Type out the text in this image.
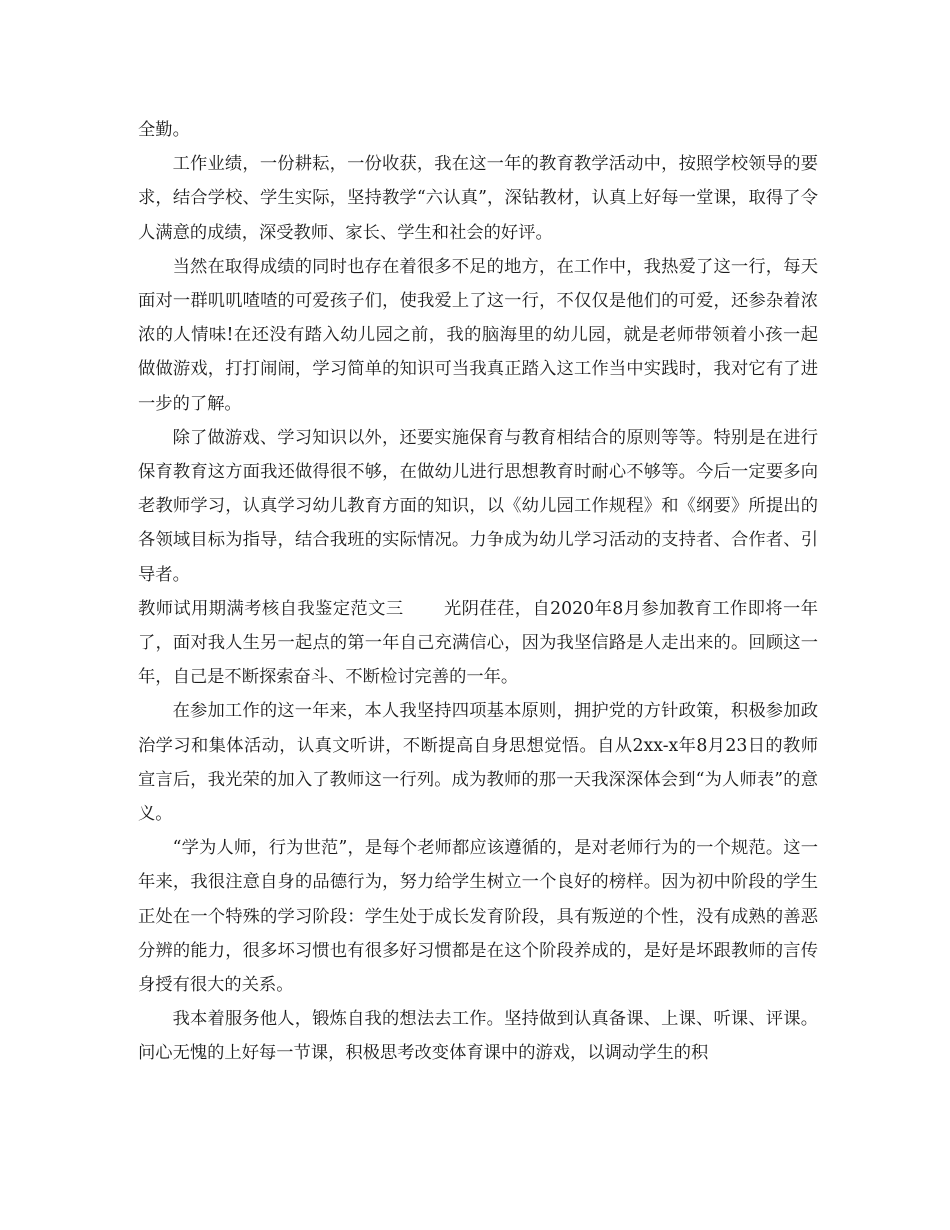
全勤。

工作业绩，一份耕耘，一份收获，我在这一年的教育教学活动中，按照学校领导的要求，结合学校、学生实际，坚持教学“六认真”，深钻教材，认真上好每一堂课，取得了令人满意的成绩，深受教师、家长、学生和社会的好评。

当然在取得成绩的同时也存在着很多不足的地方，在工作中，我热爱了这一行，每天面对一群叽叽喳喳的可爱孩子们，使我爱上了这一行，不仅仅是他们的可爱，还参杂着浓浓的人情味!在还没有踏入幼儿园之前，我的脑海里的幼儿园，就是老师带领着小孩一起做做游戏，打打闹闹，学习简单的知识可当我真正踏入这工作当中实践时，我对它有了进一步的了解。

除了做游戏、学习知识以外，还要实施保育与教育相结合的原则等等。特别是在进行保育教育这方面我还做得很不够，在做幼儿进行思想教育时耐心不够等。今后一定要多向老教师学习，认真学习幼儿教育方面的知识，以《幼儿园工作规程》和《纲要》所提出的各领域目标为指导，结合我班的实际情况。力争成为幼儿学习活动的支持者、合作者、引导者。

教师试用期满考核自我鉴定范文三 光阴荏荏，自2020年8月参加教育工作即将一年了，面对我人生另一起点的第一年自己充满信心，因为我坚信路是人走出来的。回顾这一年，自己是不断探索奋斗、不断检讨完善的一年。

在参加工作的这一年来，本人我坚持四项基本原则，拥护党的方针政策，积极参加政治学习和集体活动，认真文听讲，不断提高自身思想觉悟。自从2xx-x年8月23日的教师宣言后，我光荣的加入了教师这一行列。成为教师的那一天我深深体会到“为人师表”的意义。

“学为人师，行为世范”，是每个老师都应该遵循的，是对老师行为的一个规范。这一年来，我很注意自身的品德行为，努力给学生树立一个良好的榜样。因为初中阶段的学生正处在一个特殊的学习阶段：学生处于成长发育阶段，具有叛逆的个性，没有成熟的善恶分辨的能力，很多坏习惯也有很多好习惯都是在这个阶段养成的，是好是坏跟教师的言传身授有很大的关系。

我本着服务他人，锻炼自我的想法去工作。坚持做到认真备课、上课、听课、评课。问心无愧的上好每一节课，积极思考改变体育课中的游戏，以调动学生的积
